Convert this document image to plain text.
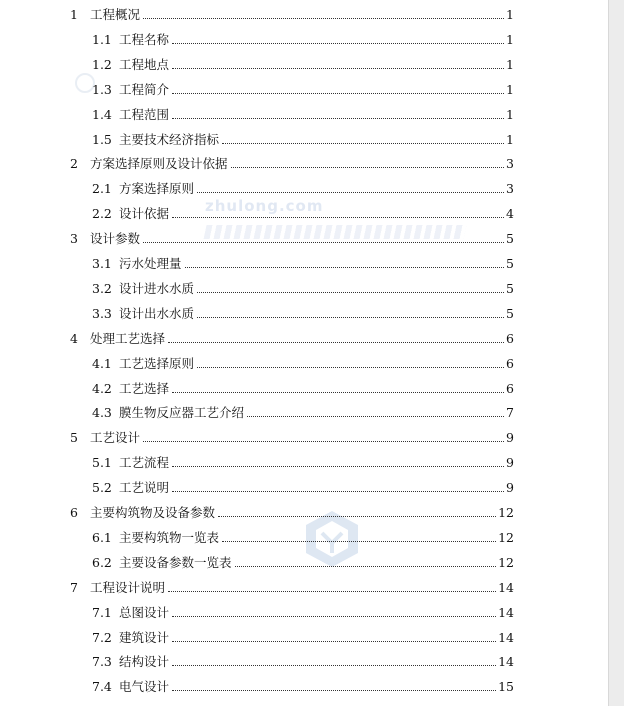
zhulong.com
1 工程概况	1
1.1 工程名称	1
1.2 工程地点	1
1.3 工程简介	1
1.4 工程范围	1
1.5 主要技术经济指标	1
2 方案选择原则及设计依据	3
2.1 方案选择原则	3
2.2 设计依据	4
3 设计参数	5
3.1 污水处理量	5
3.2 设计进水水质	5
3.3 设计出水水质	5
4 处理工艺选择	6
4.1 工艺选择原则	6
4.2 工艺选择	6
4.3 膜生物反应器工艺介绍	7
5 工艺设计	9
5.1 工艺流程	9
5.2 工艺说明	9
6 主要构筑物及设备参数	12
6.1 主要构筑物一览表	12
6.2 主要设备参数一览表	12
7 工程设计说明	14
7.1 总图设计	14
7.2 建筑设计	14
7.3 结构设计	14
7.4 电气设计	15
